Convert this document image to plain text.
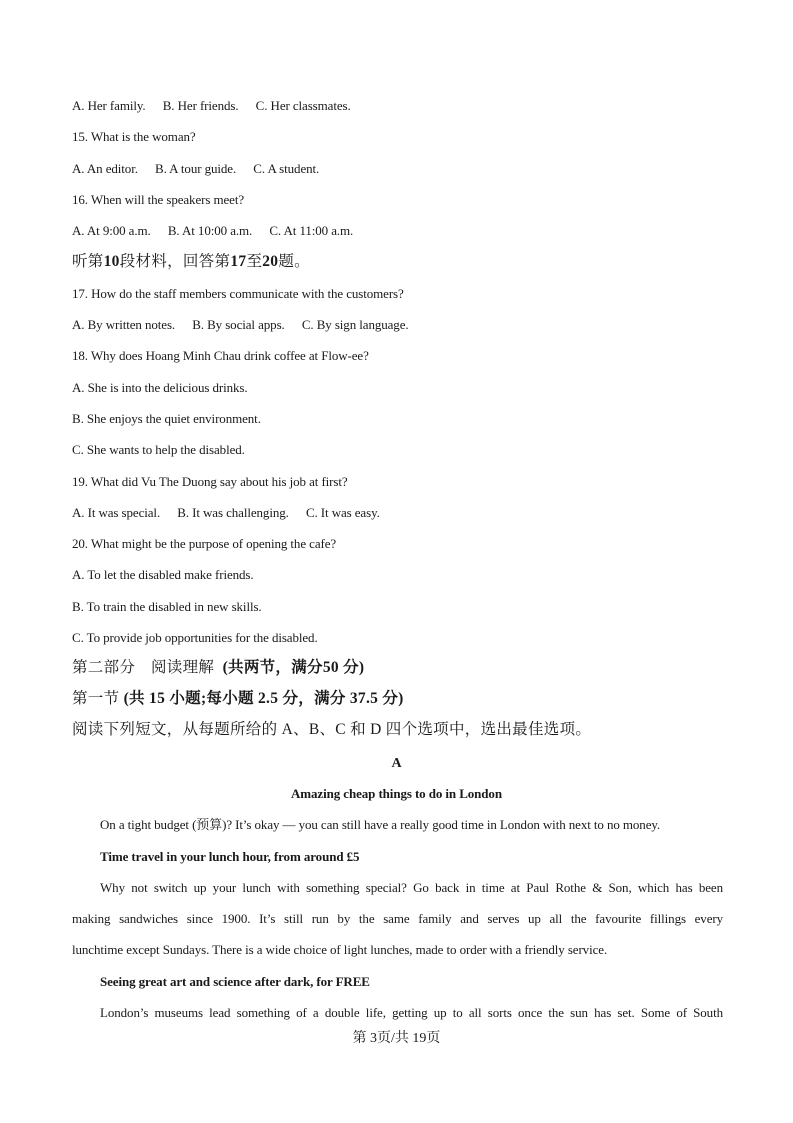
A. Her family. B. Her friends. C. Her classmates.
15. What is the woman?
A. An editor. B. A tour guide. C. A student.
16. When will the speakers meet?
A. At 9:00 a.m. B. At 10:00 a.m. C. At 11:00 a.m.
听第10段材料，回答第17至20题。
17. How do the staff members communicate with the customers?
A. By written notes. B. By social apps. C. By sign language.
18. Why does Hoang Minh Chau drink coffee at Flow-ee?
A. She is into the delicious drinks.
B. She enjoys the quiet environment.
C. She wants to help the disabled.
19. What did Vu The Duong say about his job at first?
A. It was special. B. It was challenging. C. It was easy.
20. What might be the purpose of opening the cafe?
A. To let the disabled make friends.
B. To train the disabled in new skills.
C. To provide job opportunities for the disabled.
第二部分　阅读理解 (共两节，满分50 分)
第一节 (共 15 小题;每小题 2.5 分，满分 37.5 分)
阅读下列短文，从每题所给的 A、B、C 和 D 四个选项中，选出最佳选项。
A
Amazing cheap things to do in London
On a tight budget (预算)? It’s okay — you can still have a really good time in London with next to no money.
Time travel in your lunch hour, from around £5
Why not switch up your lunch with something special? Go back in time at Paul Rothe & Son, which has been
making sandwiches since 1900. It’s still run by the same family and serves up all the favourite fillings every
lunchtime except Sundays. There is a wide choice of light lunches, made to order with a friendly service.
Seeing great art and science after dark, for FREE
London’s museums lead something of a double life, getting up to all sorts once the sun has set. Some of South
第 3页/共 19页
